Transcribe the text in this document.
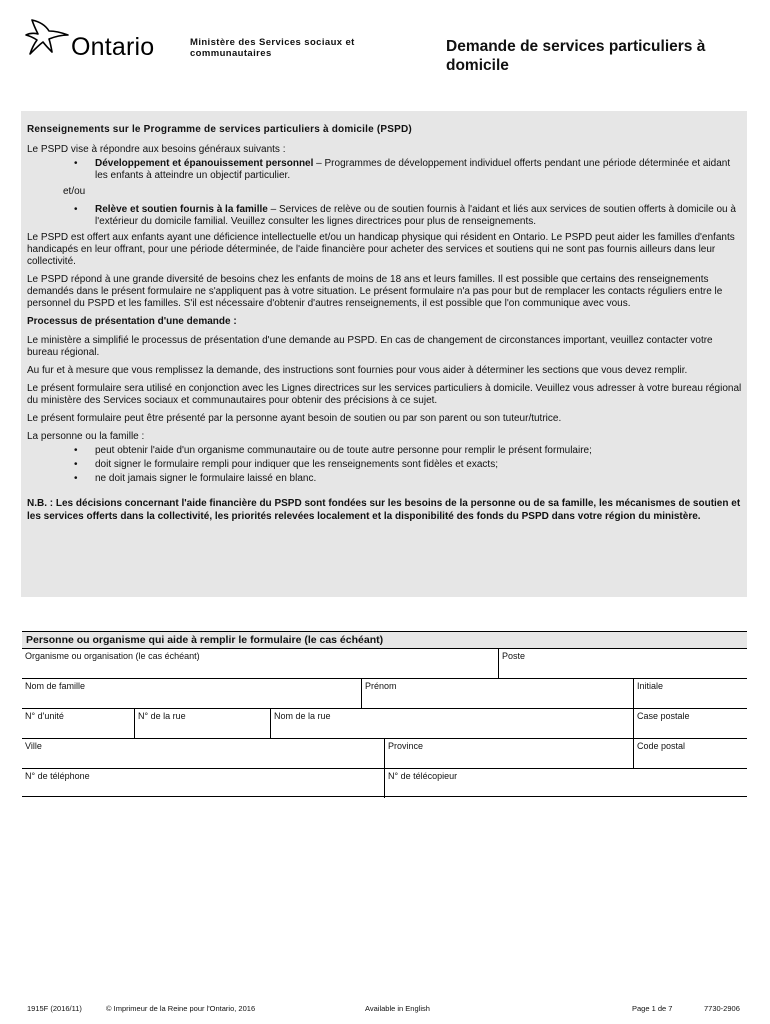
Ontario	Ministère des Services sociaux et communautaires	Demande de services particuliers à domicile

Renseignements sur le Programme de services particuliers à domicile (PSPD)

Le PSPD vise à répondre aux besoins généraux suivants :

• Développement et épanouissement personnel – Programmes de développement individuel offerts pendant une période déterminée et aidant les enfants à atteindre un objectif particulier.

et/ou

• Relève et soutien fournis à la famille – Services de relève ou de soutien fournis à l'aidant et liés aux services de soutien offerts à domicile ou à l'extérieur du domicile familial. Veuillez consulter les lignes directrices pour plus de renseignements.

Le PSPD est offert aux enfants ayant une déficience intellectuelle et/ou un handicap physique qui résident en Ontario. Le PSPD peut aider les familles d'enfants handicapés en leur offrant, pour une période déterminée, de l'aide financière pour acheter des services et soutiens qui ne sont pas fournis ailleurs dans leur collectivité.

Le PSPD répond à une grande diversité de besoins chez les enfants de moins de 18 ans et leurs familles. Il est possible que certains des renseignements demandés dans le présent formulaire ne s'appliquent pas à votre situation. Le présent formulaire n'a pas pour but de remplacer les contacts réguliers entre le personnel du PSPD et les familles. S'il est nécessaire d'obtenir d'autres renseignements, il est possible que l'on communique avec vous.

Processus de présentation d'une demande :

Le ministère a simplifié le processus de présentation d'une demande au PSPD. En cas de changement de circonstances important, veuillez contacter votre bureau régional.

Au fur et à mesure que vous remplissez la demande, des instructions sont fournies pour vous aider à déterminer les sections que vous devez remplir.

Le présent formulaire sera utilisé en conjonction avec les Lignes directrices sur les services particuliers à domicile. Veuillez vous adresser à votre bureau régional du ministère des Services sociaux et communautaires pour obtenir des précisions à ce sujet.

Le présent formulaire peut être présenté par la personne ayant besoin de soutien ou par son parent ou son tuteur/tutrice.

La personne ou la famille :

• peut obtenir l'aide d'un organisme communautaire ou de toute autre personne pour remplir le présent formulaire;
• doit signer le formulaire rempli pour indiquer que les renseignements sont fidèles et exacts;
• ne doit jamais signer le formulaire laissé en blanc.

N.B. : Les décisions concernant l'aide financière du PSPD sont fondées sur les besoins de la personne ou de sa famille, les mécanismes de soutien et les services offerts dans la collectivité, les priorités relevées localement et la disponibilité des fonds du PSPD dans votre région du ministère.

Personne ou organisme qui aide à remplir le formulaire (le cas échéant)
Organisme ou organisation (le cas échéant)	Poste
Nom de famille	Prénom	Initiale
N° d'unité	N° de la rue	Nom de la rue	Case postale
Ville	Province	Code postal
N° de téléphone	N° de télécopieur
1915F (2016/11)	© Imprimeur de la Reine pour l'Ontario, 2016	Available in English	Page 1 de 7	7730-2906
